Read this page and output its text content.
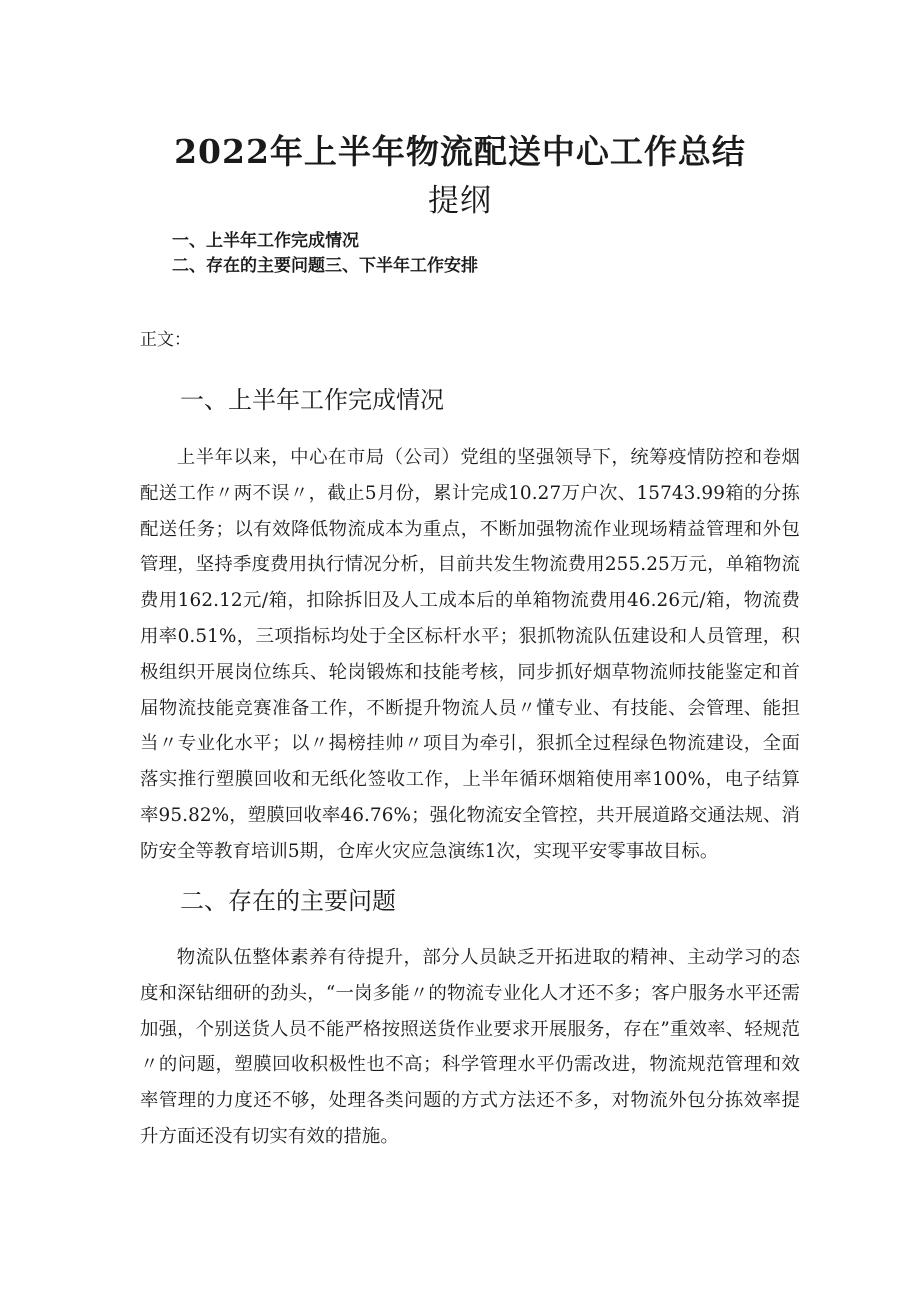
2022年上半年物流配送中心工作总结
提纲
一、上半年工作完成情况
二、存在的主要问题三、下半年工作安排
正文：
一、上半年工作完成情况

上半年以来，中心在市局（公司）党组的坚强领导下，统筹疫情防控和卷烟配送工作〃两不误〃，截止5月份，累计完成10.27万户次、15743.99箱的分拣配送任务；以有效降低物流成本为重点，不断加强物流作业现场精益管理和外包管理，坚持季度费用执行情况分析，目前共发生物流费用255.25万元，单箱物流费用162.12元/箱，扣除拆旧及人工成本后的单箱物流费用46.26元/箱，物流费用率0.51%，三项指标均处于全区标杆水平；狠抓物流队伍建设和人员管理，积极组织开展岗位练兵、轮岗锻炼和技能考核，同步抓好烟草物流师技能鉴定和首届物流技能竞赛准备工作，不断提升物流人员〃懂专业、有技能、会管理、能担当〃专业化水平；以〃揭榜挂帅〃项目为牵引，狠抓全过程绿色物流建设，全面落实推行塑膜回收和无纸化签收工作，上半年循环烟箱使用率100%，电子结算率95.82%，塑膜回收率46.76%；强化物流安全管控，共开展道路交通法规、消防安全等教育培训5期，仓库火灾应急演练1次，实现平安零事故目标。

二、存在的主要问题

物流队伍整体素养有待提升，部分人员缺乏开拓进取的精神、主动学习的态度和深钻细研的劲头，“一岗多能〃的物流专业化人才还不多；客户服务水平还需加强，个别送货人员不能严格按照送货作业要求开展服务，存在”重效率、轻规范〃的问题，塑膜回收积极性也不高；科学管理水平仍需改进，物流规范管理和效率管理的力度还不够，处理各类问题的方式方法还不多，对物流外包分拣效率提升方面还没有切实有效的措施。
